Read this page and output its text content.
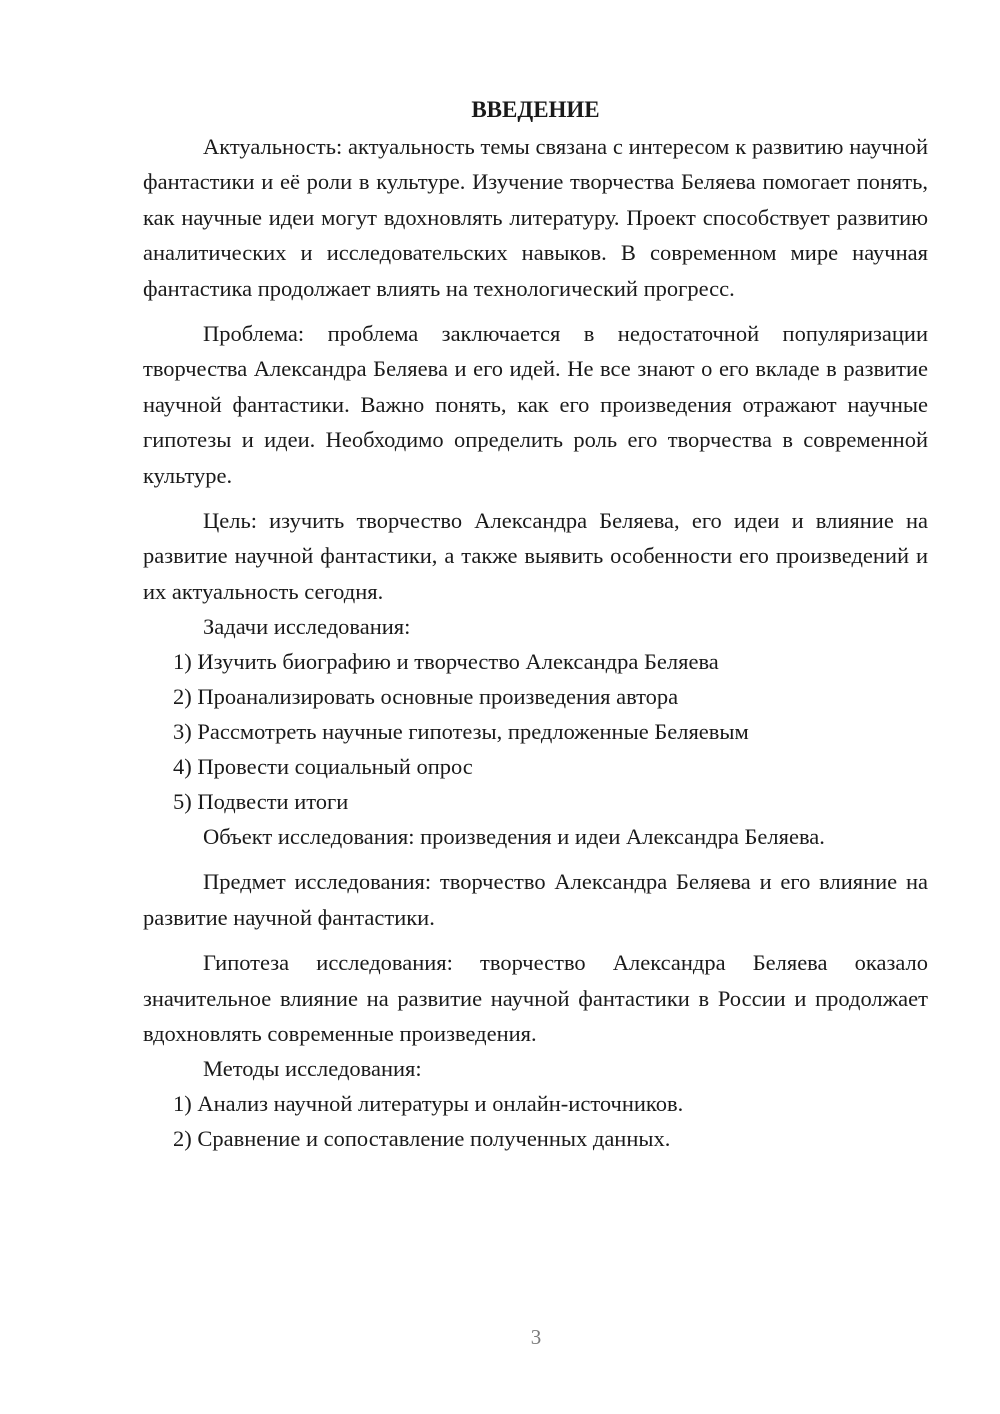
ВВЕДЕНИЕ

Актуальность: актуальность темы связана с интересом к развитию научной фантастики и её роли в культуре. Изучение творчества Беляева помогает понять, как научные идеи могут вдохновлять литературу. Проект способствует развитию аналитических и исследовательских навыков. В современном мире научная фантастика продолжает влиять на технологический прогресс.

Проблема: проблема заключается в недостаточной популяризации творчества Александра Беляева и его идей. Не все знают о его вкладе в развитие научной фантастики. Важно понять, как его произведения отражают научные гипотезы и идеи. Необходимо определить роль его творчества в современной культуре.

Цель: изучить творчество Александра Беляева, его идеи и влияние на развитие научной фантастики, а также выявить особенности его произведений и их актуальность сегодня.

Задачи исследования:

1) Изучить биографию и творчество Александра Беляева

2) Проанализировать основные произведения автора

3) Рассмотреть научные гипотезы, предложенные Беляевым

4) Провести социальный опрос

5) Подвести итоги

Объект исследования: произведения и идеи Александра Беляева.

Предмет исследования: творчество Александра Беляева и его влияние на развитие научной фантастики.

Гипотеза исследования: творчество Александра Беляева оказало значительное влияние на развитие научной фантастики в России и продолжает вдохновлять современные произведения.

Методы исследования:

1) Анализ научной литературы и онлайн-источников.

2) Сравнение и сопоставление полученных данных.

3
